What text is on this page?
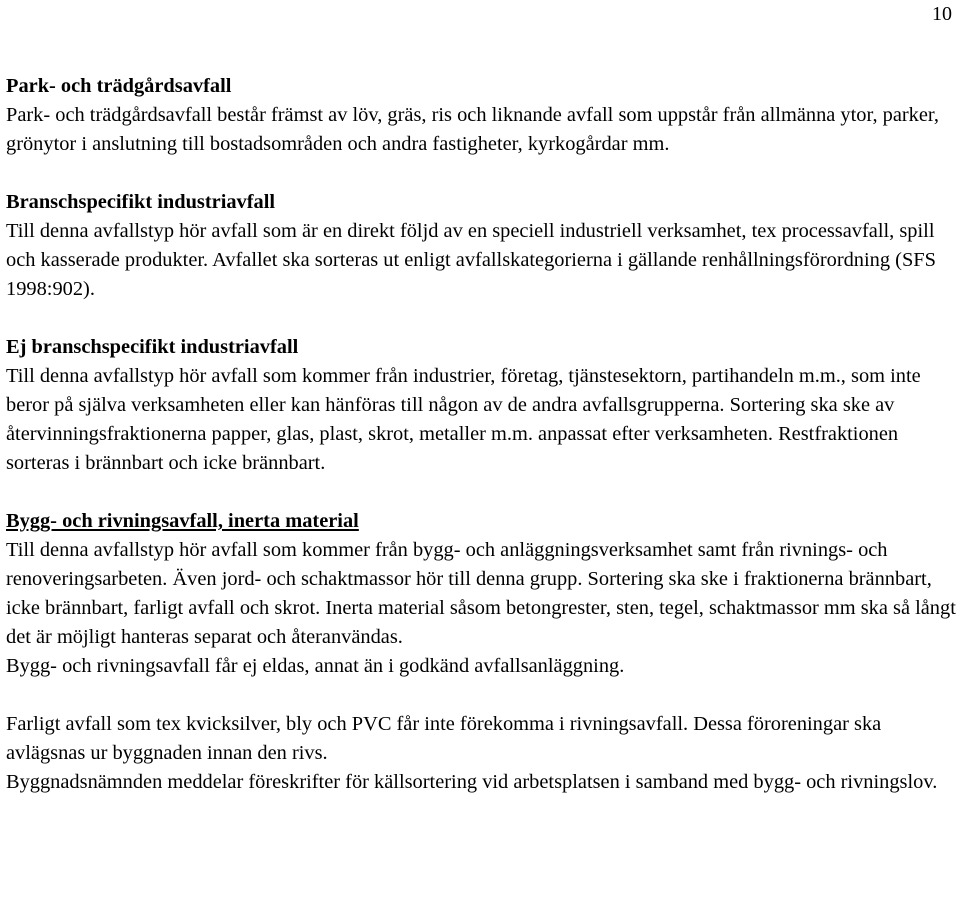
10

Park- och trädgårdsavfall

Park- och trädgårdsavfall består främst av löv, gräs, ris och liknande avfall som uppstår från allmänna ytor, parker, grönytor i anslutning till bostadsområden och andra fastigheter, kyrkogårdar mm.

Branschspecifikt industriavfall

Till denna avfallstyp hör avfall som är en direkt följd av en speciell industriell verksamhet, tex processavfall, spill och kasserade produkter. Avfallet ska sorteras ut enligt avfallskategorierna i gällande renhållningsförordning (SFS 1998:902).

Ej branschspecifikt industriavfall

Till denna avfallstyp hör avfall som kommer från industrier, företag, tjänstesektorn, partihandeln m.m., som inte beror på själva verksamheten eller kan hänföras till någon av de andra avfallsgrupperna. Sortering ska ske av återvinningsfraktionerna papper, glas, plast, skrot, metaller m.m. anpassat efter verksamheten. Restfraktionen sorteras i brännbart och icke brännbart.

Bygg- och rivningsavfall, inerta material

Till denna avfallstyp hör avfall som kommer från bygg- och anläggningsverksamhet samt från rivnings- och renoveringsarbeten. Även jord- och schaktmassor hör till denna grupp. Sortering ska ske i fraktionerna brännbart, icke brännbart, farligt avfall och skrot. Inerta material såsom betongrester, sten, tegel, schaktmassor mm ska så långt det är möjligt hanteras separat och återanvändas.

Bygg- och rivningsavfall får ej eldas, annat än i godkänd avfallsanläggning.

Farligt avfall som tex kvicksilver, bly och PVC får inte förekomma i rivningsavfall. Dessa föroreningar ska avlägsnas ur byggnaden innan den rivs.

Byggnadsnämnden meddelar föreskrifter för källsortering vid arbetsplatsen i samband med bygg- och rivningslov.
